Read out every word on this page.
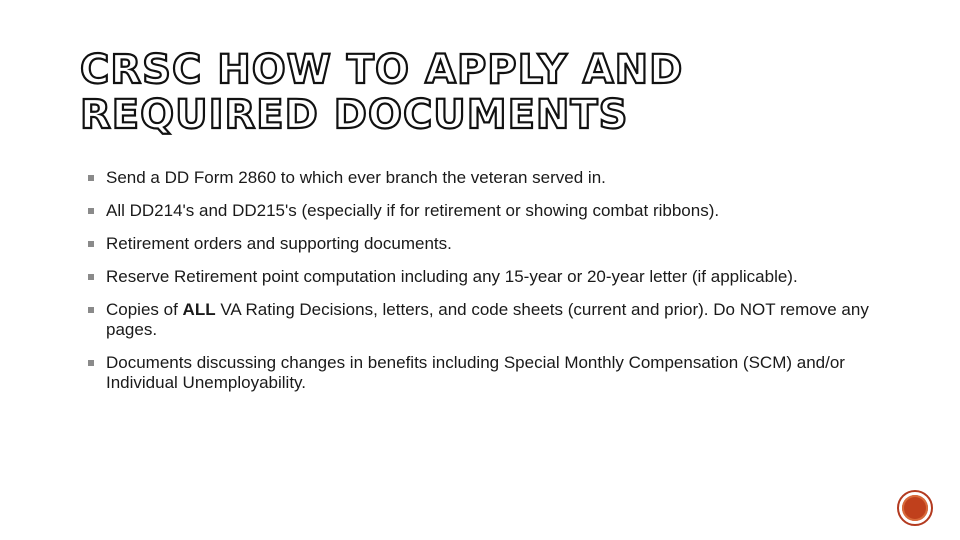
CRSC HOW TO APPLY AND
REQUIRED DOCUMENTS
Send a DD Form 2860 to which ever branch the veteran served in.
All DD214's and DD215's (especially if for retirement or showing combat ribbons).
Retirement orders and supporting documents.
Reserve Retirement point computation including any 15-year or 20-year letter (if applicable).
Copies of ALL VA Rating Decisions, letters, and code sheets (current and prior). Do NOT remove any pages.
Documents discussing changes in benefits including Special Monthly Compensation (SCM) and/or Individual Unemployability.
